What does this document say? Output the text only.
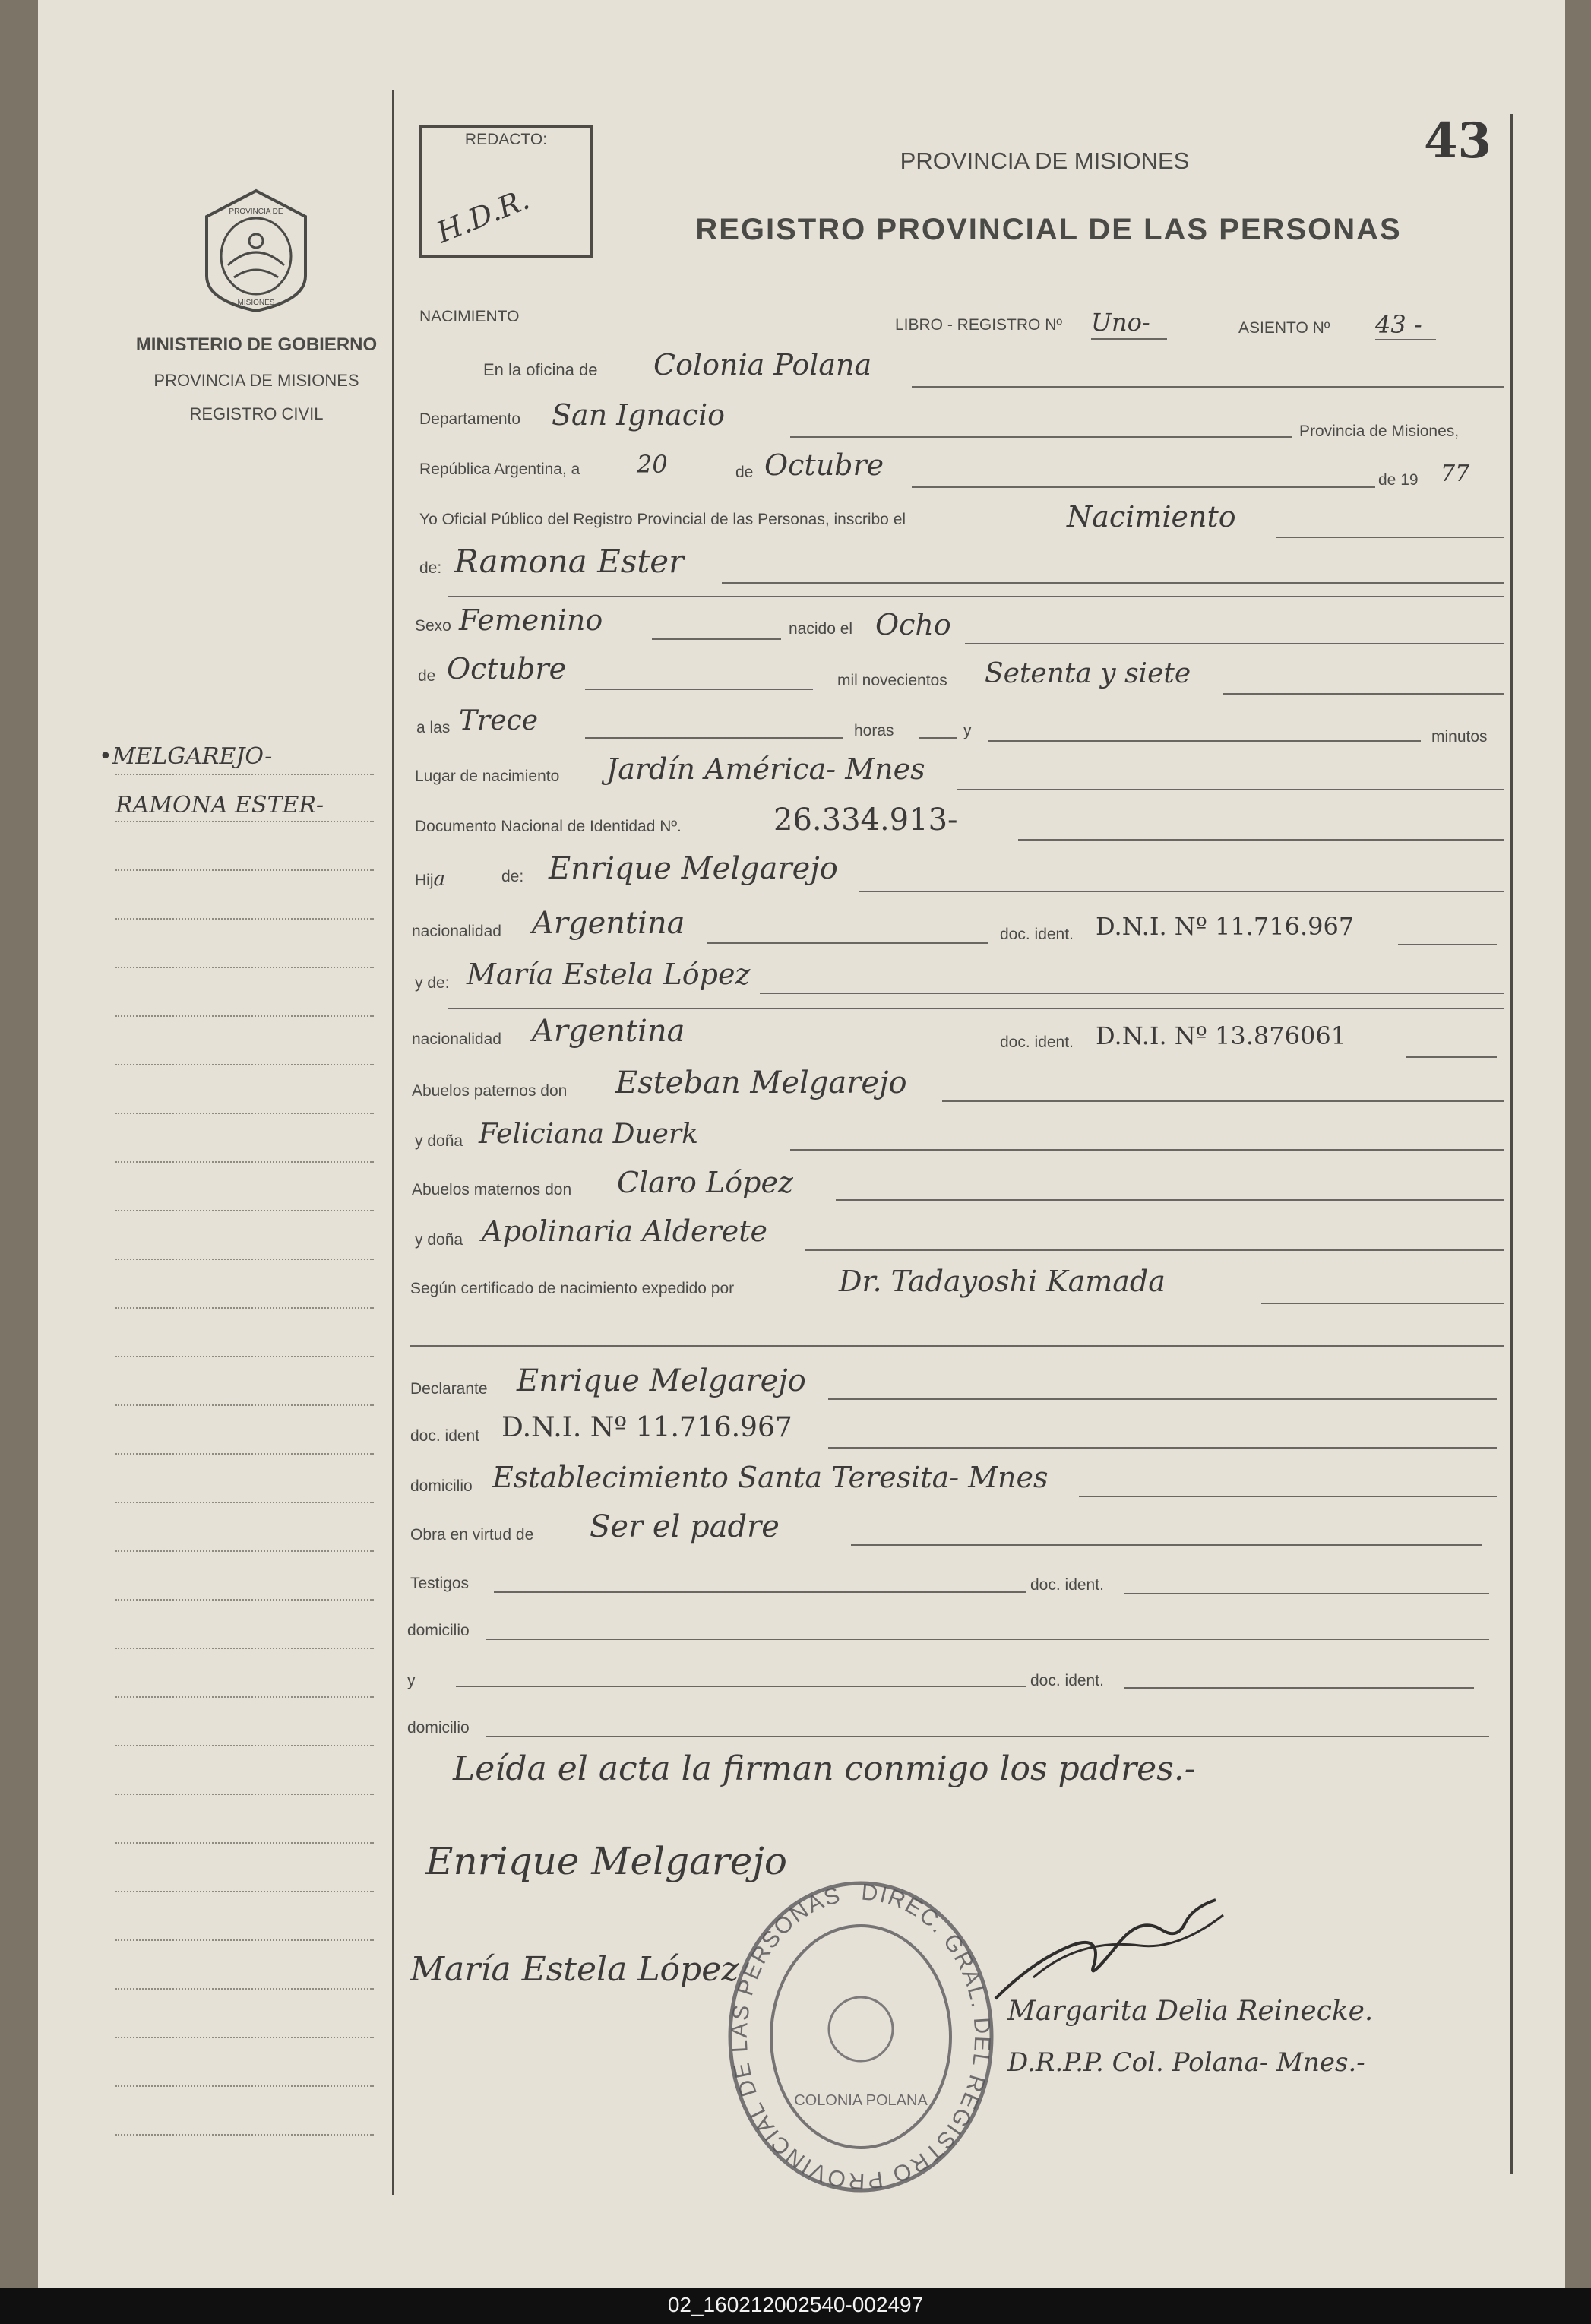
PROVINCIA DE
MISIONES
MINISTERIO DE GOBIERNO
PROVINCIA DE MISIONES
REGISTRO CIVIL
•MELGAREJO-
RAMONA ESTER-
REDACTO:
H.D.R.
43
PROVINCIA DE MISIONES
REGISTRO PROVINCIAL DE LAS PERSONAS
NACIMIENTO	LIBRO - REGISTRO Nº Uno-	ASIENTO Nº 43 -
En la oficina de Colonia Polana
Departamento San Ignacio	Provincia de Misiones,
República Argentina, a 20	de Octubre	de 19 77
Yo Oficial Público del Registro Provincial de las Personas, inscribo el	Nacimiento
de: Ramona Ester
Sexo Femenino	nacido el Ocho
de Octubre	mil novecientos Setenta y siete
a las Trece	horas	y	minutos
Lugar de nacimiento Jardín América- Mnes
Documento Nacional de Identidad Nº.	26.334.913-
Hija	de: Enrique Melgarejo
nacionalidad Argentina	doc. ident. D.N.I. Nº 11.716.967
y de: María Estela López
nacionalidad Argentina	doc. ident. D.N.I. Nº 13.876061
Abuelos paternos don Esteban Melgarejo
y doña Feliciana Duerk
Abuelos maternos don Claro López
y doña Apolinaria Alderete
Según certificado de nacimiento expedido por	Dr. Tadayoshi Kamada
Declarante Enrique Melgarejo
doc. ident D.N.I. Nº 11.716.967
domicilio Establecimiento Santa Teresita- Mnes
Obra en virtud de Ser el padre
Testigos	doc. ident.
domicilio
y	doc. ident.
domicilio
Leída el acta la firman conmigo los padres.-
Enrique Melgarejo
María Estela López
Margarita Delia Reinecke.
D.R.P.P. Col. Polana- Mnes.-
DIREC. GRAL. DEL REGISTRO PROVINCIAL DE LAS PERSONAS
COLONIA POLANA
02_160212002540-002497
